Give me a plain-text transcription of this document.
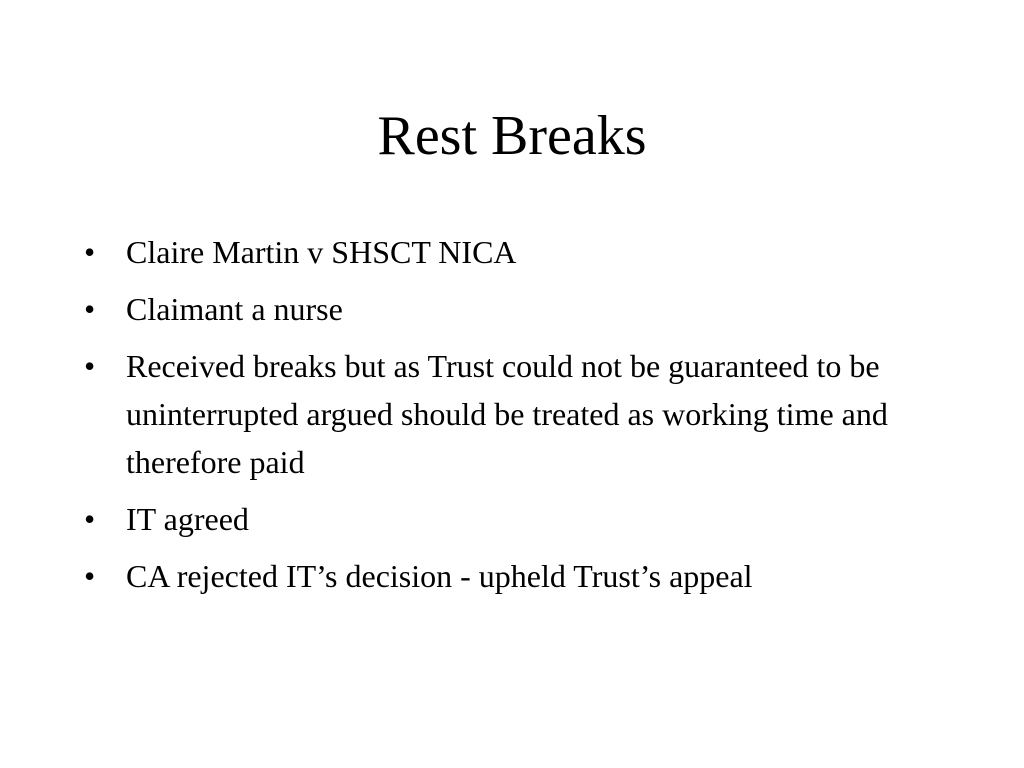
Rest Breaks
• Claire Martin v SHSCT NICA
• Claimant a nurse
• Received breaks but as Trust could not be guaranteed to be uninterrupted argued should be treated as working time and therefore paid
• IT agreed
• CA rejected IT’s decision - upheld Trust’s appeal
